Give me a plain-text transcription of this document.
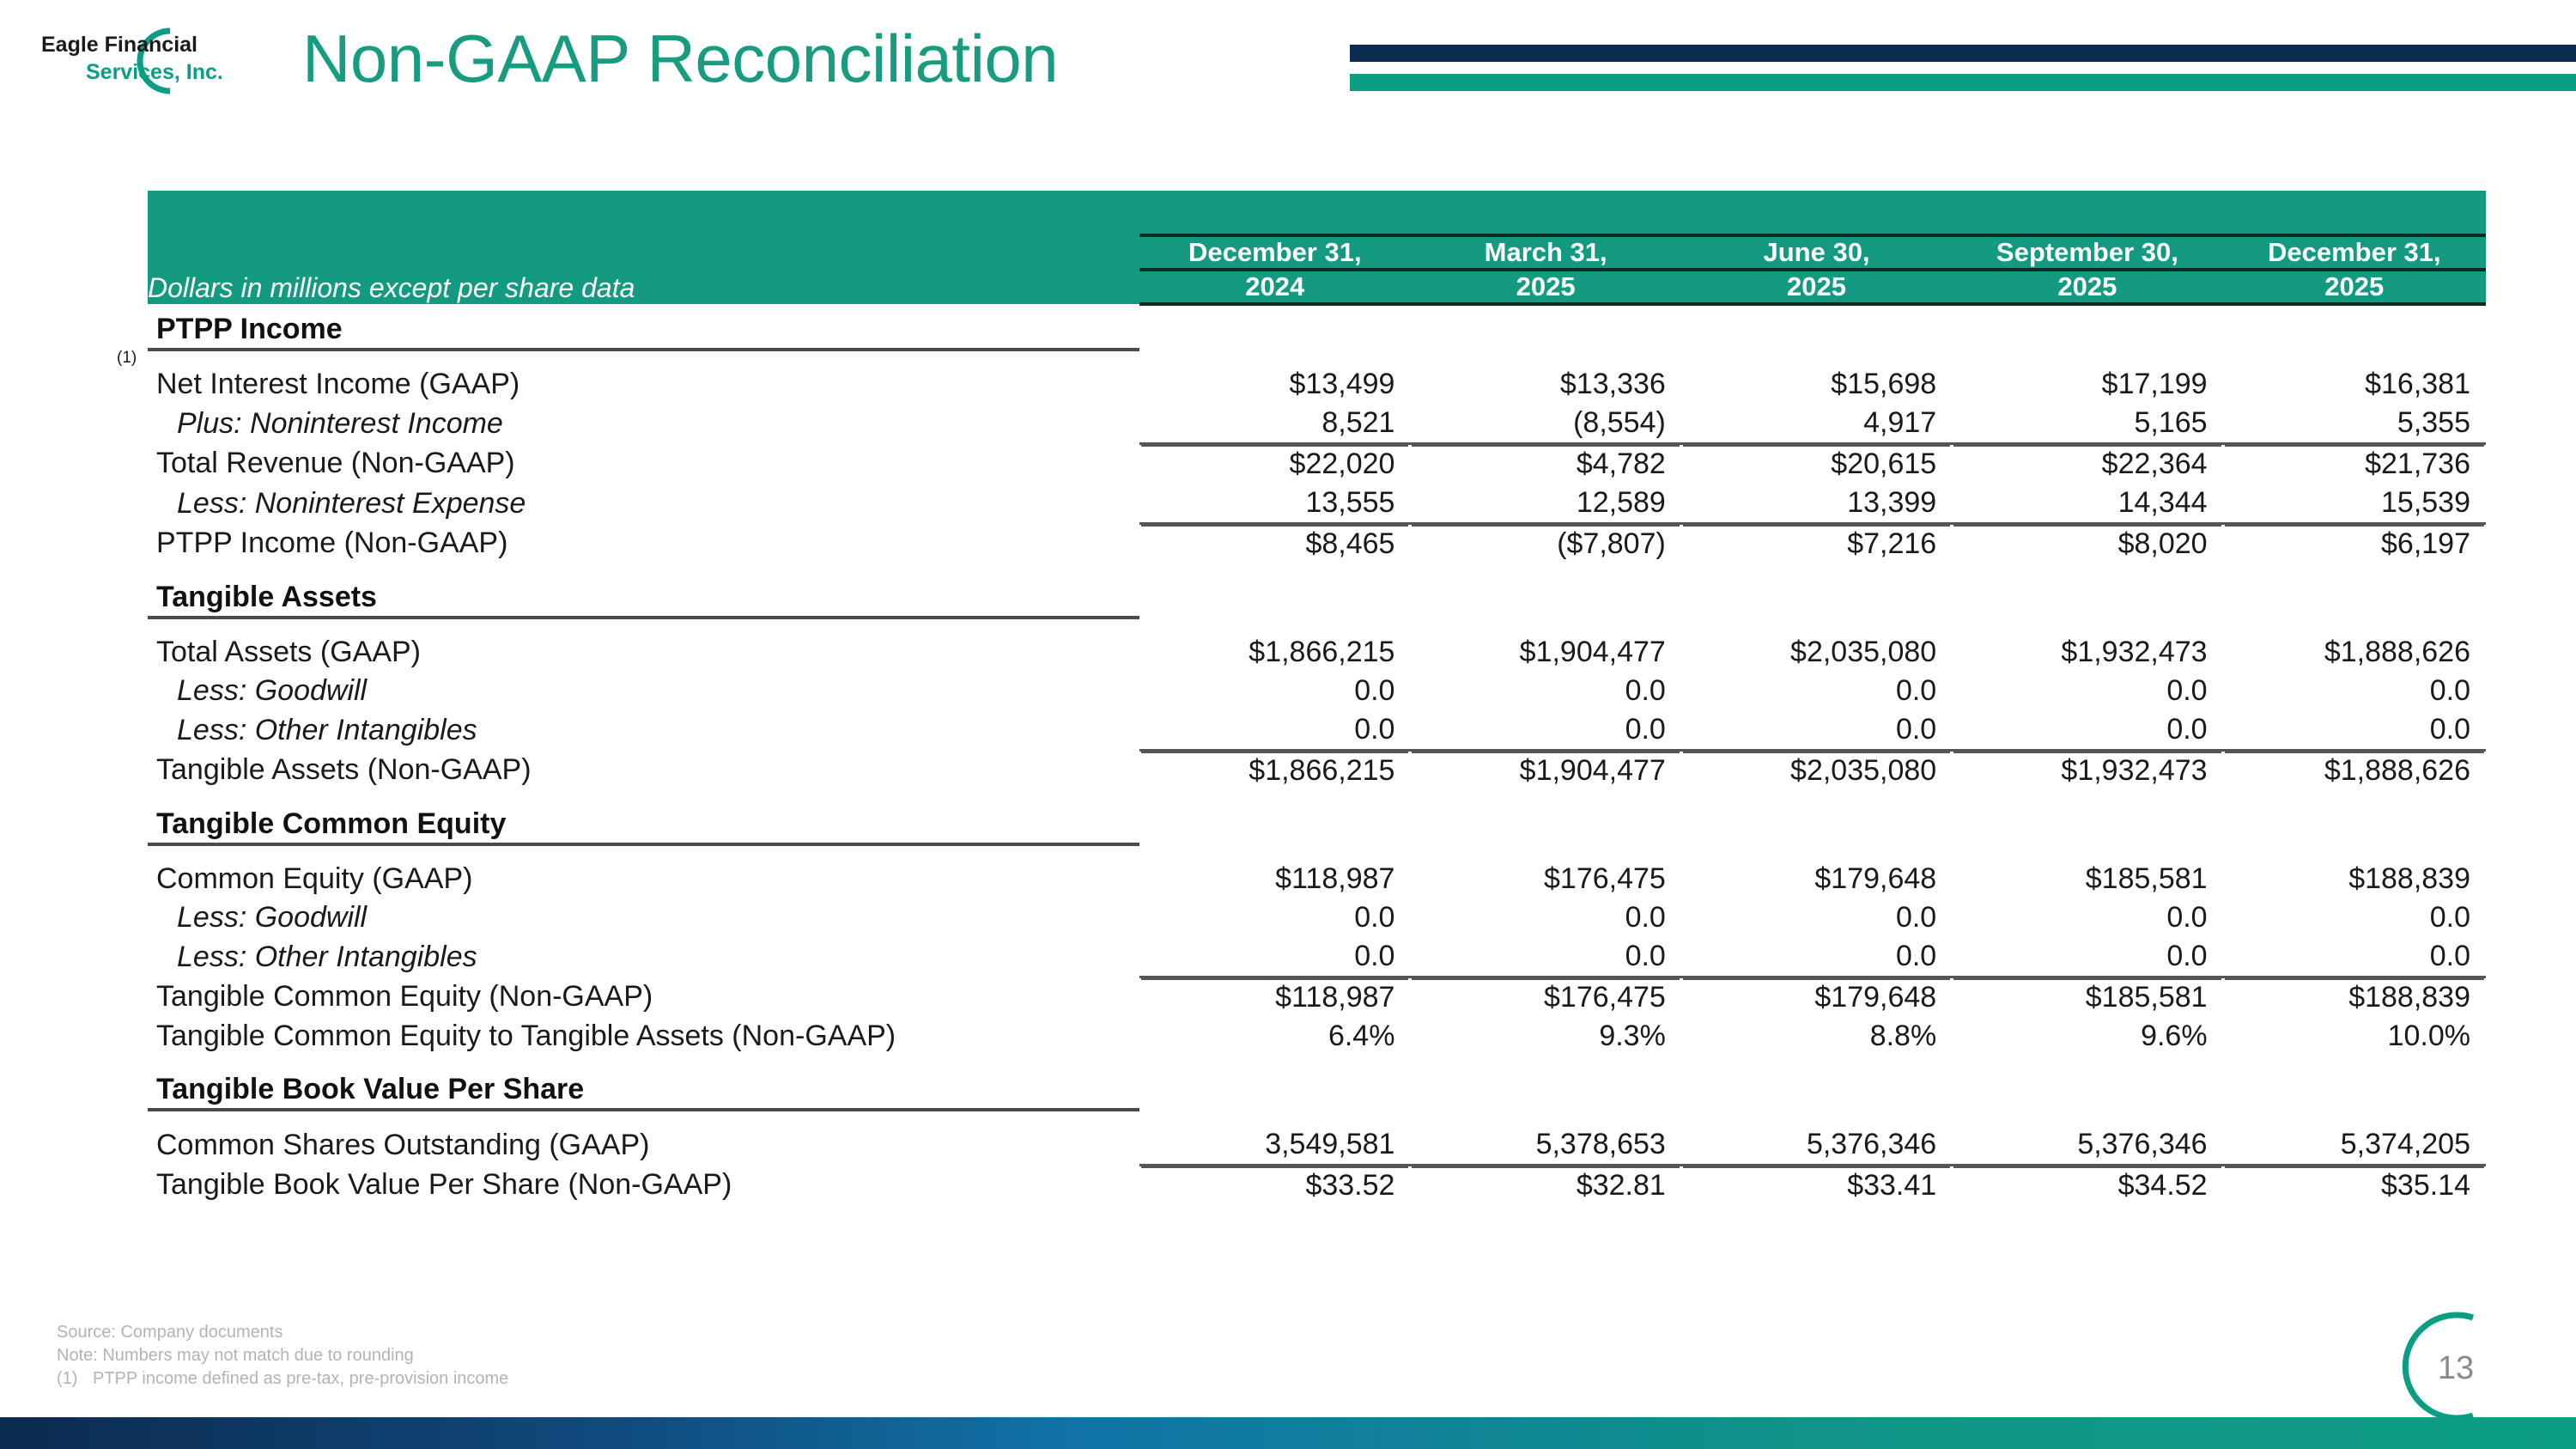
Eagle Financial
Services, Inc. Non-GAAP Reconciliation
(1)

Dollars in millions except per share data	December 31,	March 31,	June 30,	September 30,	December 31,
	2024	2025	2025	2025	2025
PTPP Income					

Net Interest Income (GAAP)	$13,499	$13,336	$15,698	$17,199	$16,381
Plus: Noninterest Income	8,521	(8,554)	4,917	5,165	5,355
Total Revenue (Non-GAAP)	$22,020	$4,782	$20,615	$22,364	$21,736
Less: Noninterest Expense	13,555	12,589	13,399	14,344	15,539
PTPP Income (Non-GAAP)	$8,465	($7,807)	$7,216	$8,020	$6,197

Tangible Assets					

Total Assets (GAAP)	$1,866,215	$1,904,477	$2,035,080	$1,932,473	$1,888,626
Less: Goodwill	0.0	0.0	0.0	0.0	0.0
Less: Other Intangibles	0.0	0.0	0.0	0.0	0.0
Tangible Assets (Non-GAAP)	$1,866,215	$1,904,477	$2,035,080	$1,932,473	$1,888,626

Tangible Common Equity					

Common Equity (GAAP)	$118,987	$176,475	$179,648	$185,581	$188,839
Less: Goodwill	0.0	0.0	0.0	0.0	0.0
Less: Other Intangibles	0.0	0.0	0.0	0.0	0.0
Tangible Common Equity (Non-GAAP)	$118,987	$176,475	$179,648	$185,581	$188,839
Tangible Common Equity to Tangible Assets (Non-GAAP)	6.4%	9.3%	8.8%	9.6%	10.0%

Tangible Book Value Per Share					

Common Shares Outstanding (GAAP)	3,549,581	5,378,653	5,376,346	5,376,346	5,374,205
Tangible Book Value Per Share (Non-GAAP)	$33.52	$32.81	$33.41	$34.52	$35.14
Source: Company documents
Note: Numbers may not match due to rounding
(1) PTPP income defined as pre-tax, pre-provision income	13
